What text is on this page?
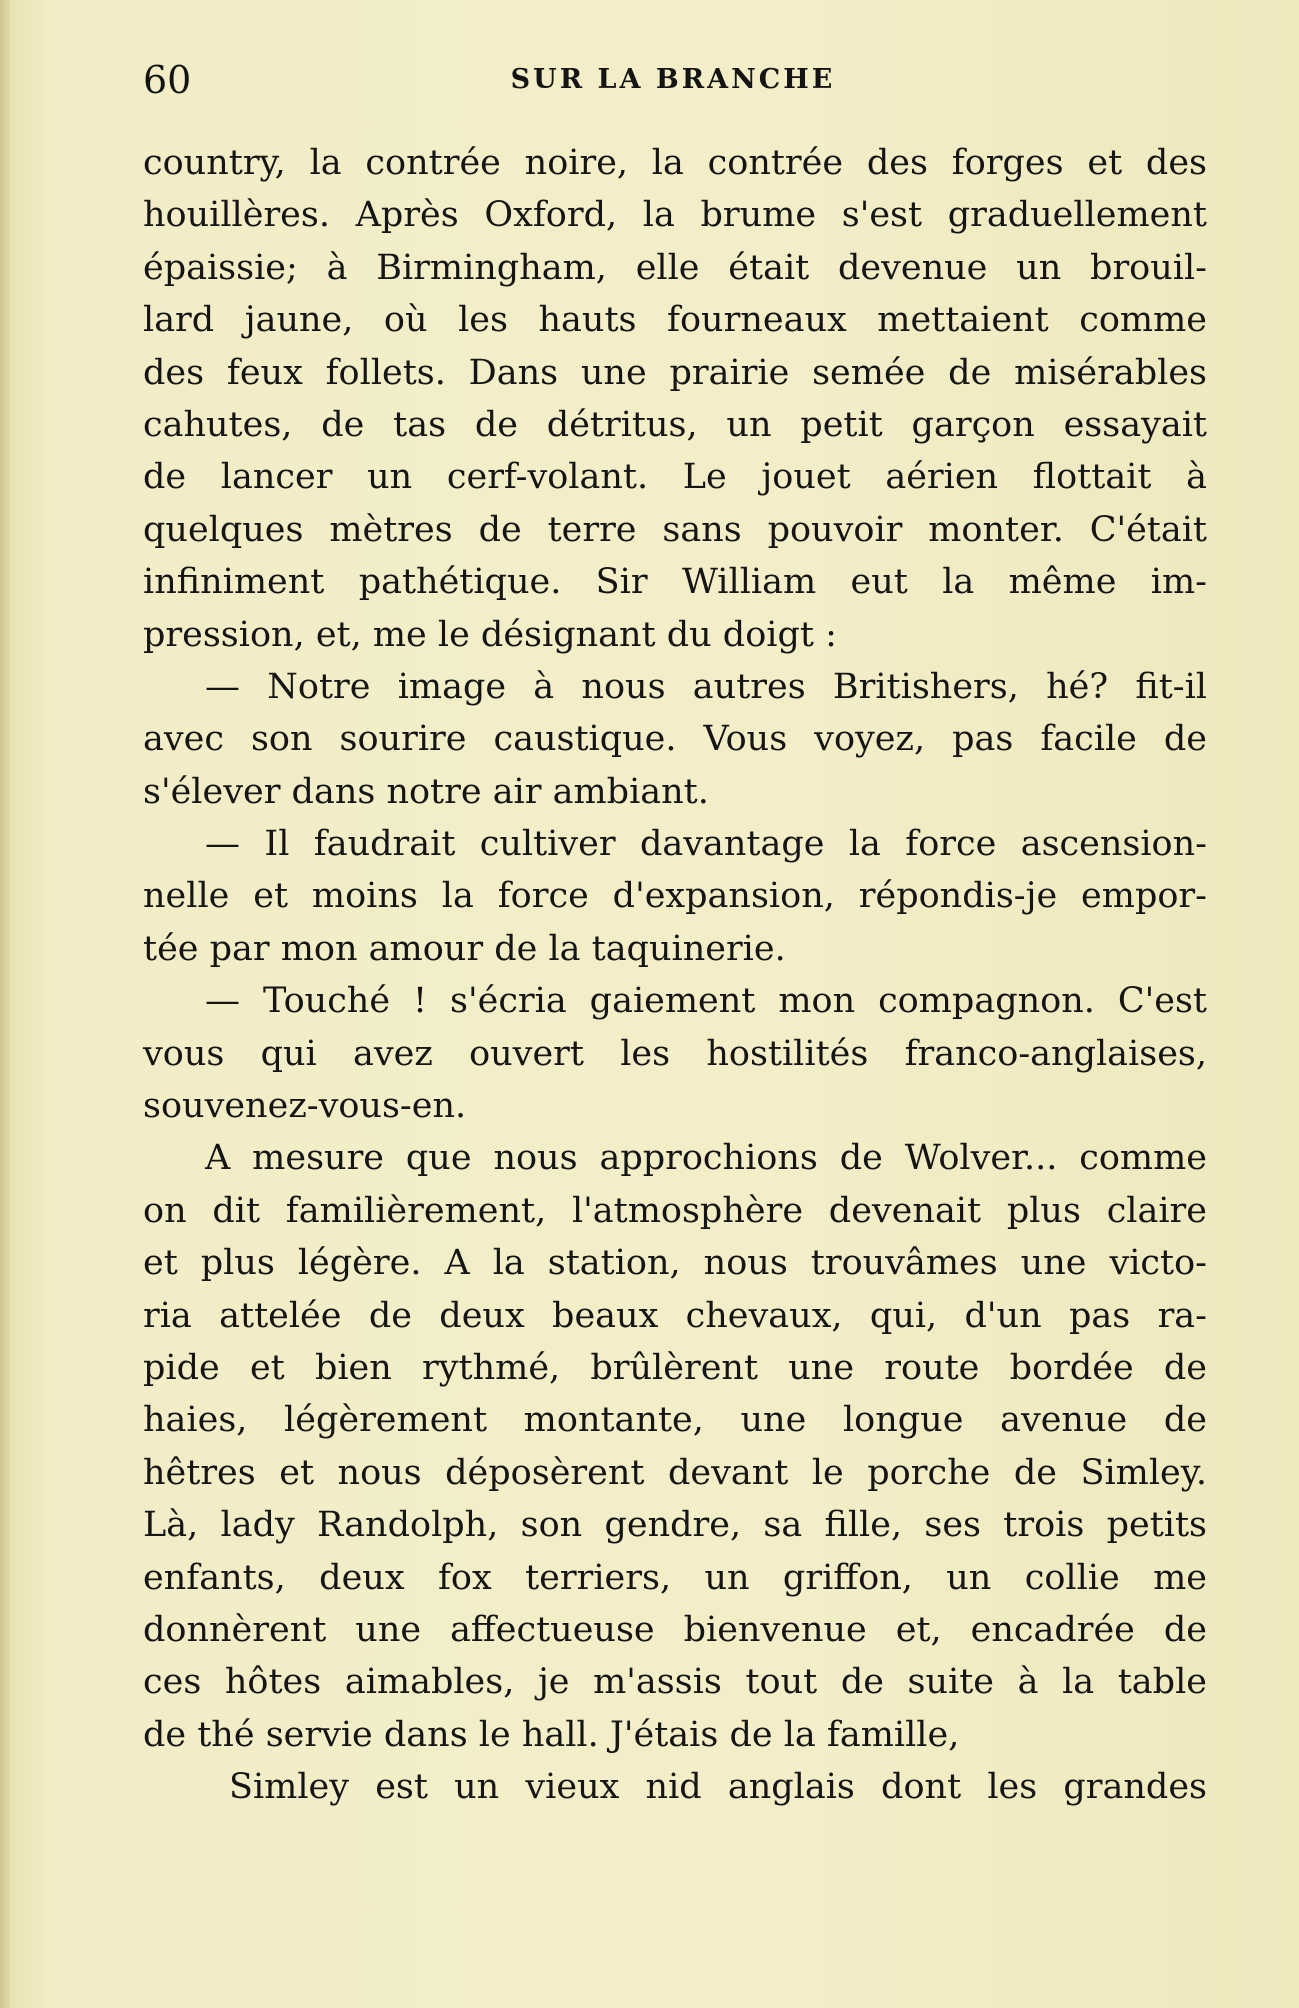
60	SUR LA BRANCHE
country, la contrée noire, la contrée des forges et des
houillères. Après Oxford, la brume s'est graduellement
épaissie; à Birmingham, elle était devenue un brouil-
lard jaune, où les hauts fourneaux mettaient comme
des feux follets. Dans une prairie semée de misérables
cahutes, de tas de détritus, un petit garçon essayait
de lancer un cerf-volant. Le jouet aérien flottait à
quelques mètres de terre sans pouvoir monter. C'était
infiniment pathétique. Sir William eut la même im-
pression, et, me le désignant du doigt :
— Notre image à nous autres Britishers, hé? fit-il
avec son sourire caustique. Vous voyez, pas facile de
s'élever dans notre air ambiant.
— Il faudrait cultiver davantage la force ascension-
nelle et moins la force d'expansion, répondis-je empor-
tée par mon amour de la taquinerie.
— Touché ! s'écria gaiement mon compagnon. C'est
vous qui avez ouvert les hostilités franco-anglaises,
souvenez-vous-en.
A mesure que nous approchions de Wolver... comme
on dit familièrement, l'atmosphère devenait plus claire
et plus légère. A la station, nous trouvâmes une victo-
ria attelée de deux beaux chevaux, qui, d'un pas ra-
pide et bien rythmé, brûlèrent une route bordée de
haies, légèrement montante, une longue avenue de
hêtres et nous déposèrent devant le porche de Simley.
Là, lady Randolph, son gendre, sa fille, ses trois petits
enfants, deux fox terriers, un griffon, un collie me
donnèrent une affectueuse bienvenue et, encadrée de
ces hôtes aimables, je m'assis tout de suite à la table
de thé servie dans le hall. J'étais de la famille,
Simley est un vieux nid anglais dont les grandes
